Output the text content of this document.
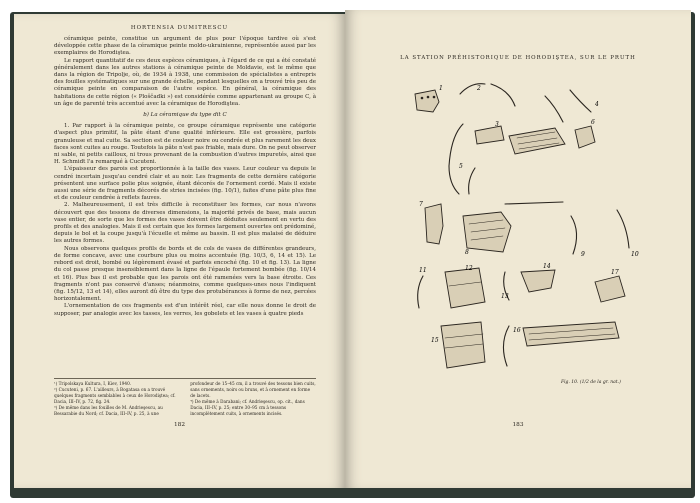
HORTENSIA DUMITRESCU

céramique peinte, constitue un argument de plus pour l'époque tardive où s'est développée cette phase de la céramique peinte moldo-ukrainienne, représentée aussi par les exemplaires de Horodiştea.

Le rapport quantitatif de ces deux espèces céramiques, à l'égard de ce qui a été constaté généralement dans les autres stations à céramique peinte de Moldavie, est le même que dans la région de Tripolje, où, de 1934 à 1938, une commission de spécialistes a entrepris des fouilles systématiques sur une grande échelle, pendant lesquelles on a trouvé très peu de céramique peinte en comparaison de l'autre espèce. En général, la céramique des habitations de cette région (« Ploščadki ») est considérée comme appartenant au groupe C, à un âge de parenté très accentué avec la céramique de Horodiştea.

b) La céramique du type dit C

1. Par rapport à la céramique peinte, ce groupe céramique représente une catégorie d'aspect plus primitif, la pâte étant d'une qualité inférieure. Elle est grossière, parfois granuleuse et mal cuite. Sa section est de couleur noire ou cendrée et plus rarement les deux faces sont cuites au rouge. Toutefois la pâte n'est pas friable, mais dure. On ne peut observer ni sable, ni petits cailloux, ni trous provenant de la combustion d'autres impuretés, ainsi que H. Schmidt l'a remarqué à Cucuteni.

L'épaisseur des parois est proportionnée à la taille des vases. Leur couleur va depuis le cendré incertain jusqu'au cendré clair et au noir. Les fragments de cette dernière catégorie présentent une surface polie plus soignée, étant décorés de l'ornement cordé. Mais il existe aussi une série de fragments décorés de stries incisées (fig. 10/1), faites d'une pâte plus fine et de couleur cendrée à reflets fauves.

2. Malheureusement, il est très difficile à reconstituer les formes, car nous n'avons découvert que des tessons de diverses dimensions, la majorité privés de base, mais aucun vase entier, de sorte que les formes des vases doivent être déduites seulement en vertu des profils et des analogies. Mais il est certain que les formes largement ouvertes ont prédominé, depuis le bol et la coupe jusqu'à l'écuelle et même au bassin. Il est plus malaisé de déduire les autres formes.

Nous observons quelques profils de bords et de cols de vases de différentes grandeurs, de forme concave, avec une courbure plus ou moins accentuée (fig. 10/3, 6, 14 et 15). Le rebord est droit, bombé ou légèrement évasé et parfois encoché (fig. 10 et fig. 13). La ligne du col passe presque insensiblement dans la ligne de l'épaule fortement bombée (fig. 10/14 et 16). Plus bas il est probable que les parois ont été ramenées vers la base étroite. Ces fragments n'ont pas conservé d'anses; néanmoins, comme quelques-unes nous l'indiquent (fig. 15/12, 13 et 14), elles auront dû être du type des protubérances à forme de nez, percées horizontalement.

L'ornementation de ces fragments est d'un intérêt réel, car elle nous donne le droit de supposer, par analogie avec les tasses, les verres, les gobelets et les vases à quatre pieds

¹) Tripolskaya Kultura, I, Kiev, 1940.
²) Cucuteni, p. 67. L'ailleurs, à Bogatasa on a trouvé quelques fragments semblables à ceux de Horodiştea; cf. Dacia, III–IV, p. 72, fig. 24.
³) De même dans les fouilles de M. Andrieşescu, au Bessarabie du Nord; cf. Dacia, III–IV, p. 25, à une
profondeur de 15–45 cm, il a trouvé des tessons bien cuits, sans ornements, noirs ou bruns, et à ornement en forme de lacets.
⁴) De même à Darabani; cf. Andrieşescu, op. cit., dans Dacia, III–IV, p. 25; entre 30–95 cm à tessons incomplètement cuits, à ornements incisés.
182
LA STATION PRÉHISTORIQUE DE HORODIŞTEA, SUR LE PRUTH
1	2
3
4
5
6
7
8	9	10
11	12
13
14
15
16
17
Fig. 10. (1/2 de la gr. nat.)
183
